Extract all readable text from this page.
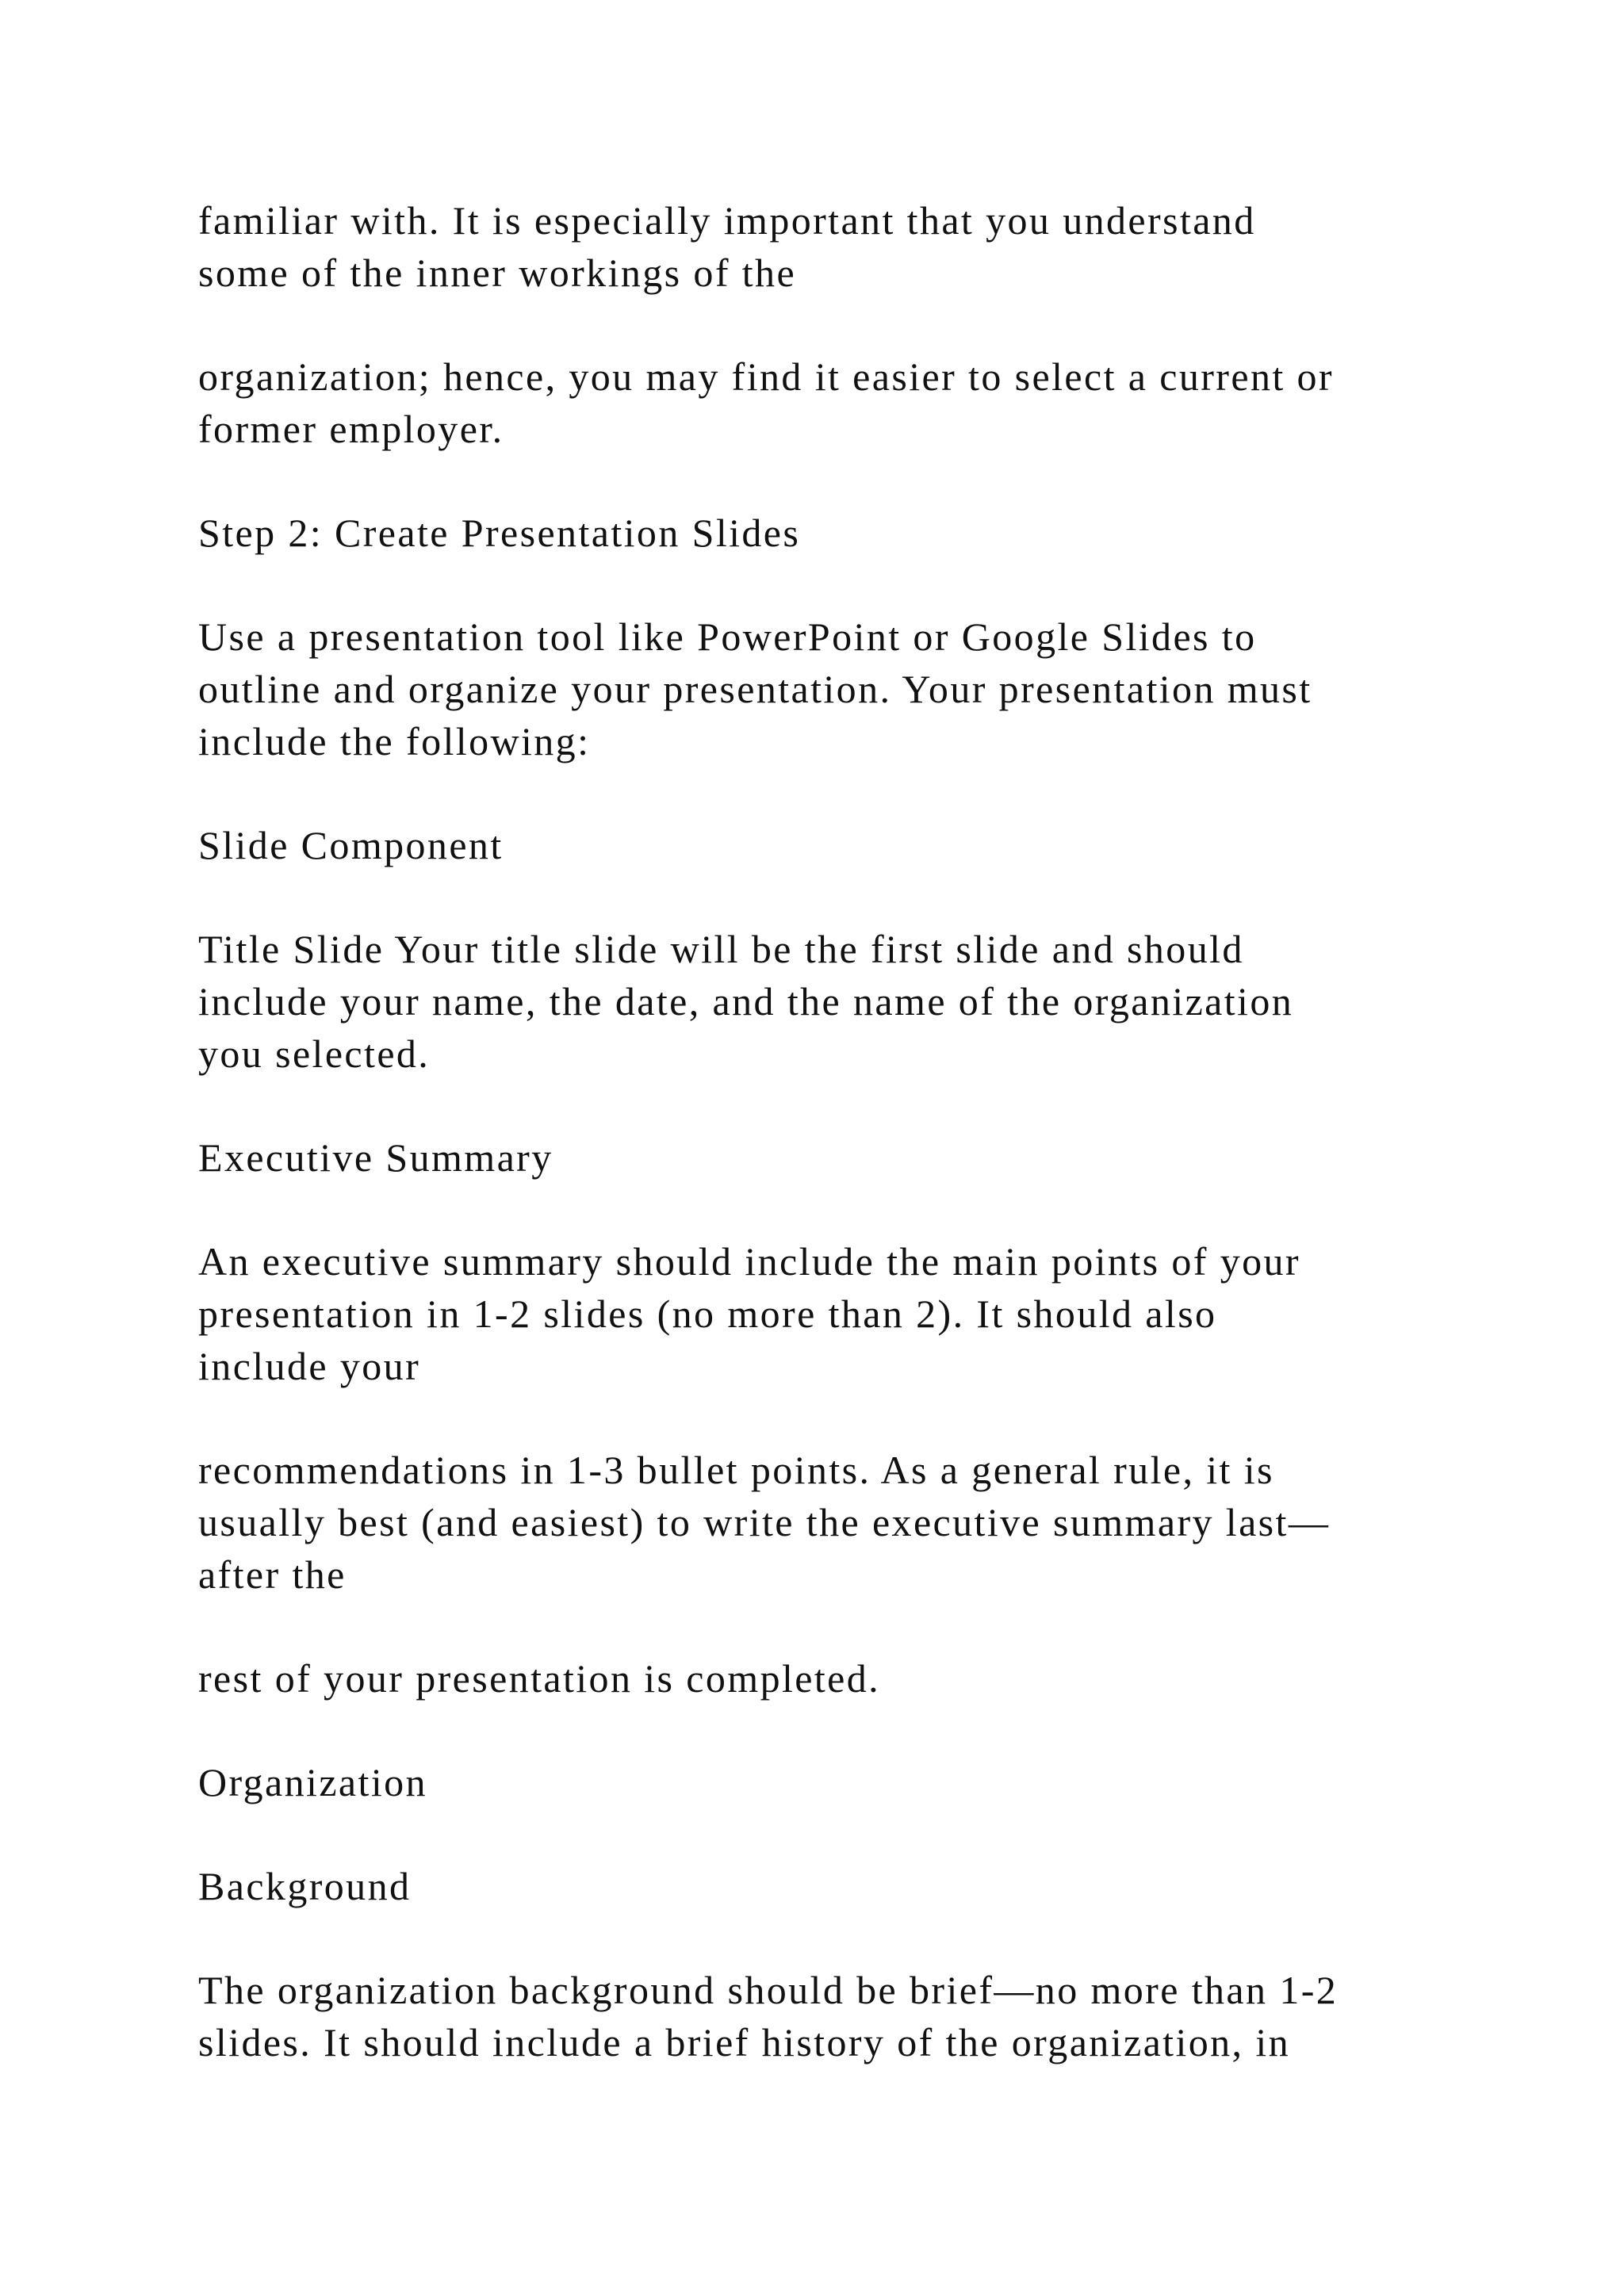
familiar with. It is especially important that you understand
some of the inner workings of the

organization; hence, you may find it easier to select a current or
former employer.

Step 2: Create Presentation Slides

Use a presentation tool like PowerPoint or Google Slides to
outline and organize your presentation. Your presentation must
include the following:

Slide Component

Title Slide Your title slide will be the first slide and should
include your name, the date, and the name of the organization
you selected.

Executive Summary

An executive summary should include the main points of your
presentation in 1-2 slides (no more than 2). It should also
include your

recommendations in 1-3 bullet points. As a general rule, it is
usually best (and easiest) to write the executive summary last—
after the

rest of your presentation is completed.

Organization

Background

The organization background should be brief—no more than 1-2
slides. It should include a brief history of the organization, in
